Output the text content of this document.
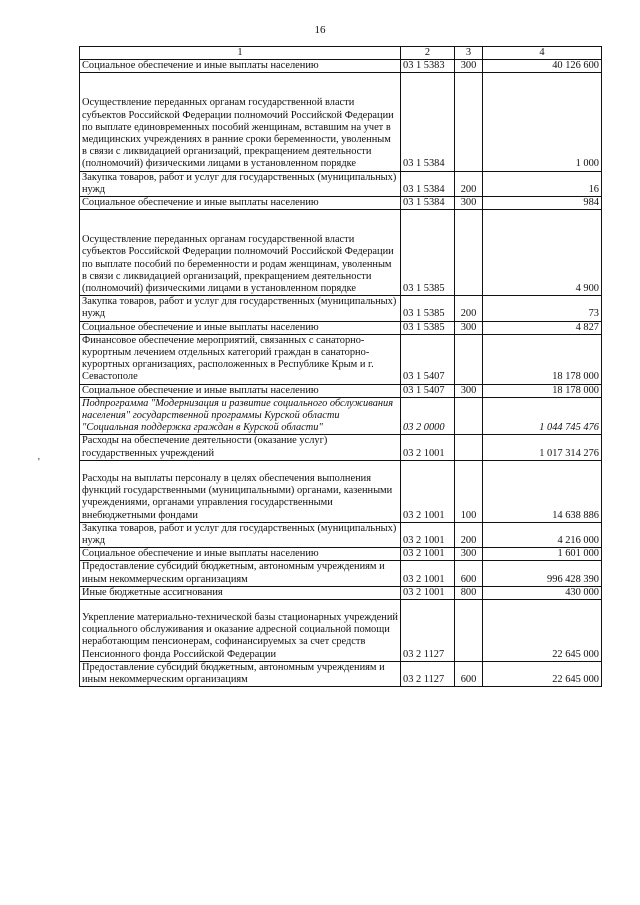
16
'
1	2	3	4
Социальное обеспечение и иные выплаты населению	03 1 5383	300	40 126 600

Осуществление переданных органам государственной власти субъектов Российской Федерации полномочий Российской Федерации по выплате единовременных пособий женщинам, вставшим на учет в медицинских учреждениях в ранние сроки беременности, уволенным в связи с ликвидацией организаций, прекращением деятельности (полномочий) физическими лицами в установленном порядке	03 1 5384		1 000
Закупка товаров, работ и услуг для государственных (муниципальных) нужд	03 1 5384	200	16
Социальное обеспечение и иные выплаты населению	03 1 5384	300	984

Осуществление переданных органам государственной власти субъектов Российской Федерации полномочий Российской Федерации по выплате пособий по беременности и родам женщинам, уволенным в связи с ликвидацией организаций, прекращением деятельности (полномочий) физическими лицами в установленном порядке	03 1 5385		4 900
Закупка товаров, работ и услуг для государственных (муниципальных) нужд	03 1 5385	200	73
Социальное обеспечение и иные выплаты населению	03 1 5385	300	4 827
Финансовое обеспечение мероприятий, связанных с санаторно-курортным лечением отдельных категорий граждан в санаторно-курортных организациях, расположенных в Республике Крым и г. Севастополе	03 1 5407		18 178 000
Социальное обеспечение и иные выплаты населению	03 1 5407	300	18 178 000
Подпрограмма "Модернизация и развитие социального обслуживания населения" государственной программы Курской области "Социальная поддержка граждан в Курской области"	03 2 0000		1 044 745 476
Расходы на обеспечение деятельности (оказание услуг) государственных учреждений	03 2 1001		1 017 314 276

Расходы на выплаты персоналу в целях обеспечения выполнения функций государственными (муниципальными) органами, казенными учреждениями, органами управления государственными внебюджетными фондами	03 2 1001	100	14 638 886
Закупка товаров, работ и услуг для государственных (муниципальных) нужд	03 2 1001	200	4 216 000
Социальное обеспечение и иные выплаты населению	03 2 1001	300	1 601 000
Предоставление субсидий бюджетным, автономным учреждениям и иным некоммерческим организациям	03 2 1001	600	996 428 390
Иные бюджетные ассигнования	03 2 1001	800	430 000

Укрепление материально-технической базы стационарных учреждений социального обслуживания и оказание адресной социальной помощи неработающим пенсионерам, софинансируемых за счет средств Пенсионного фонда Российской Федерации	03 2 1127		22 645 000
Предоставление субсидий бюджетным, автономным учреждениям и иным некоммерческим организациям	03 2 1127	600	22 645 000
